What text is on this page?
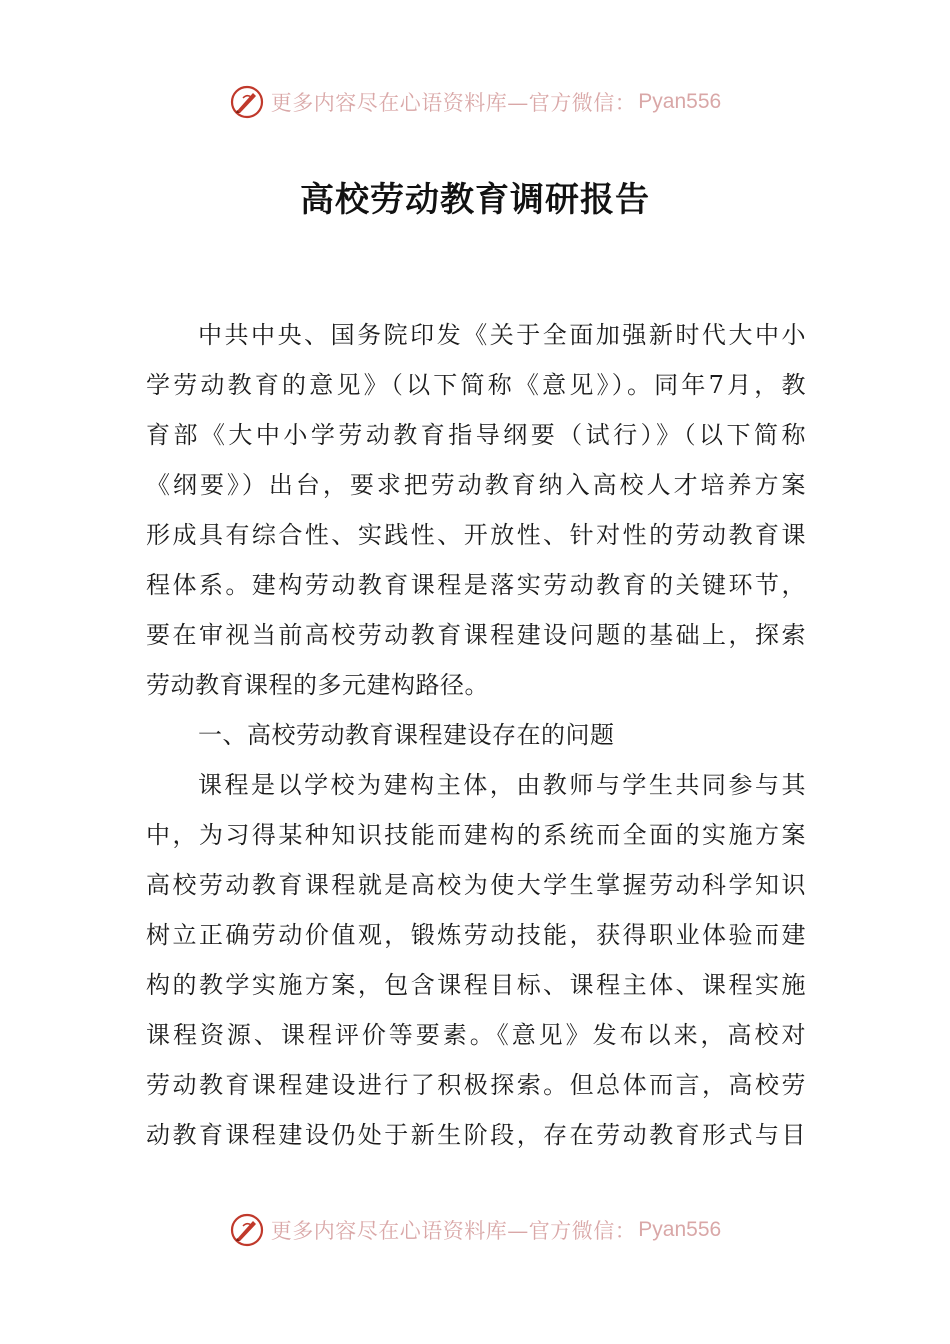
更多内容尽在心语资料库—官方微信： Pyan556
高校劳动教育调研报告
中共中央、国务院印发《关于全面加强新时代大中小
学劳动教育的意见》（以下简称《意见》）。同年7月，教
育部《大中小学劳动教育指导纲要（试行）》（以下简称
《纲要》）出台，要求把劳动教育纳入高校人才培养方案
形成具有综合性、实践性、开放性、针对性的劳动教育课
程体系。建构劳动教育课程是落实劳动教育的关键环节，
要在审视当前高校劳动教育课程建设问题的基础上，探索
劳动教育课程的多元建构路径。
一、高校劳动教育课程建设存在的问题
课程是以学校为建构主体，由教师与学生共同参与其
中，为习得某种知识技能而建构的系统而全面的实施方案
高校劳动教育课程就是高校为使大学生掌握劳动科学知识
树立正确劳动价值观，锻炼劳动技能，获得职业体验而建
构的教学实施方案，包含课程目标、课程主体、课程实施
课程资源、课程评价等要素。《意见》发布以来，高校对
劳动教育课程建设进行了积极探索。但总体而言，高校劳
动教育课程建设仍处于新生阶段，存在劳动教育形式与目
更多内容尽在心语资料库—官方微信： Pyan556
